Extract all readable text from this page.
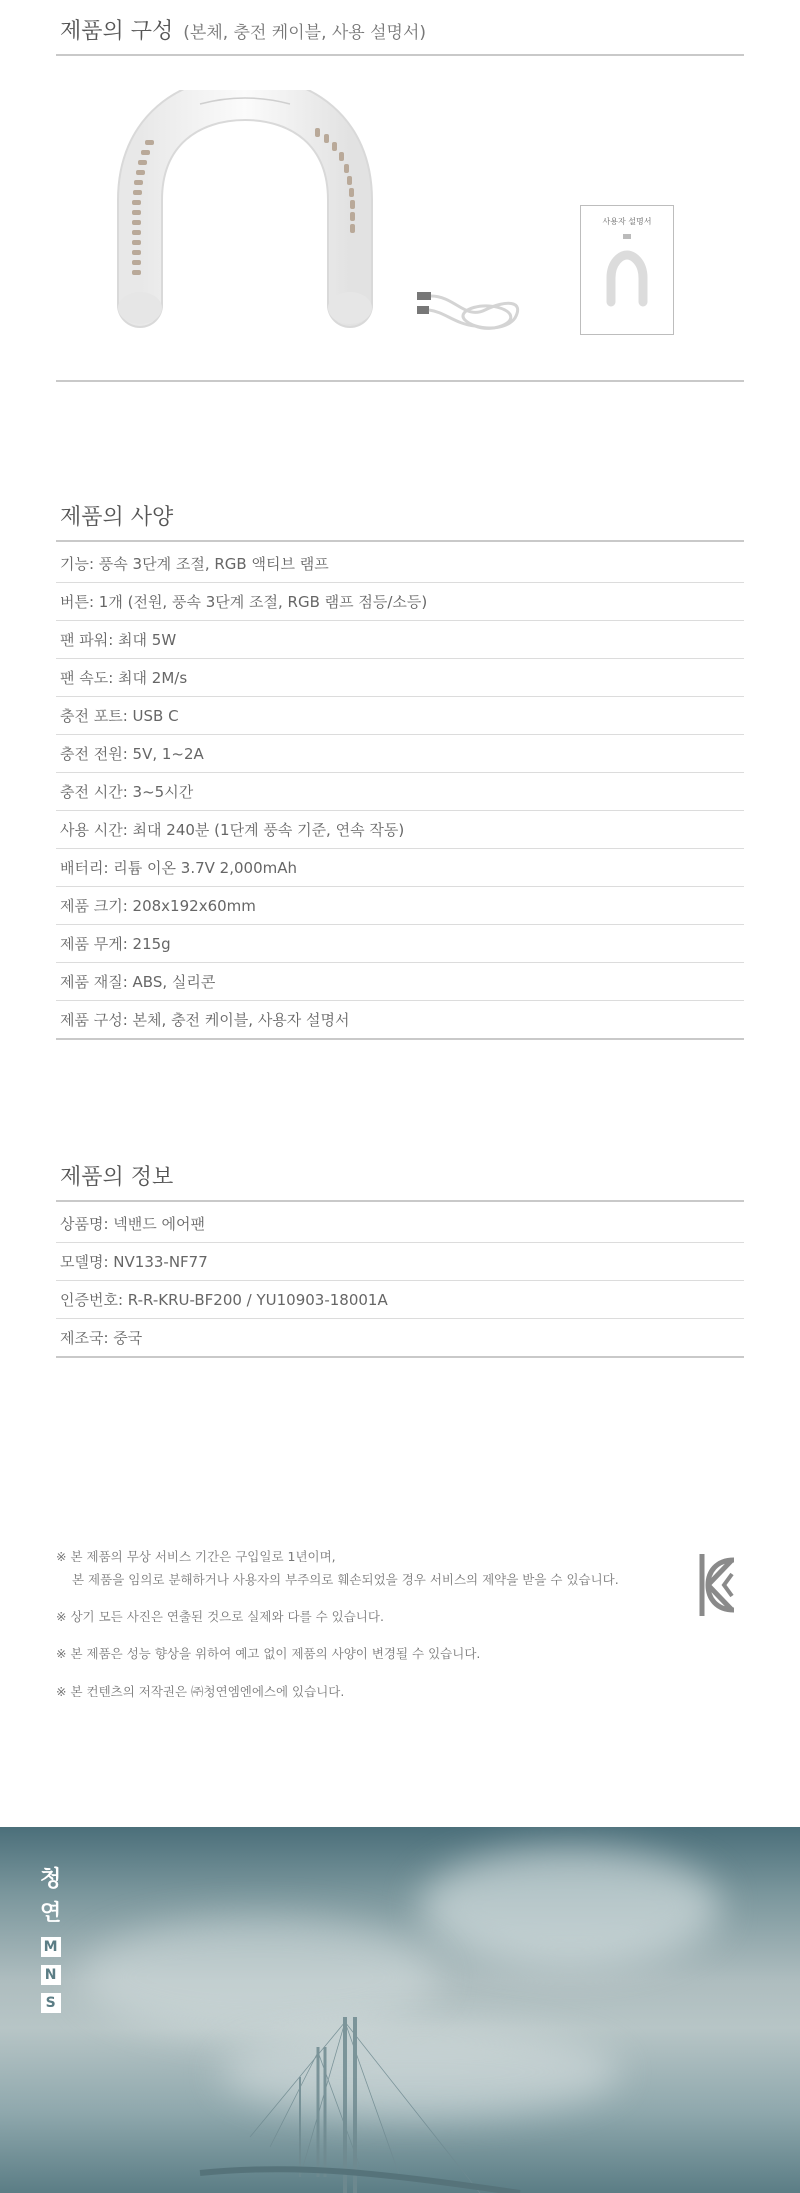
제품의 구성 (본체, 충전 케이블, 사용 설명서)
사용자 설명서
제품의 사양
기능: 풍속 3단계 조절, RGB 액티브 램프
버튼: 1개 (전원, 풍속 3단계 조절, RGB 램프 점등/소등)
팬 파워: 최대 5W
팬 속도: 최대 2M/s
충전 포트: USB C
충전 전원: 5V, 1~2A
충전 시간: 3~5시간
사용 시간: 최대 240분 (1단계 풍속 기준, 연속 작동)
배터리: 리튬 이온 3.7V 2,000mAh
제품 크기: 208x192x60mm
제품 무게: 215g
제품 재질: ABS, 실리콘
제품 구성: 본체, 충전 케이블, 사용자 설명서
제품의 정보
상품명: 넥밴드 에어팬
모델명: NV133-NF77
인증번호: R-R-KRU-BF200 / YU10903-18001A
제조국: 중국
※ 본 제품의 무상 서비스 기간은 구입일로 1년이며,
본 제품을 임의로 분해하거나 사용자의 부주의로 훼손되었을 경우 서비스의 제약을 받을 수 있습니다.
※ 상기 모든 사진은 연출된 것으로 실제와 다를 수 있습니다.
※ 본 제품은 성능 향상을 위하여 예고 없이 제품의 사양이 변경될 수 있습니다.
※ 본 컨텐츠의 저작권은 ㈜청연엠엔에스에 있습니다.
청
연
M
N
S
